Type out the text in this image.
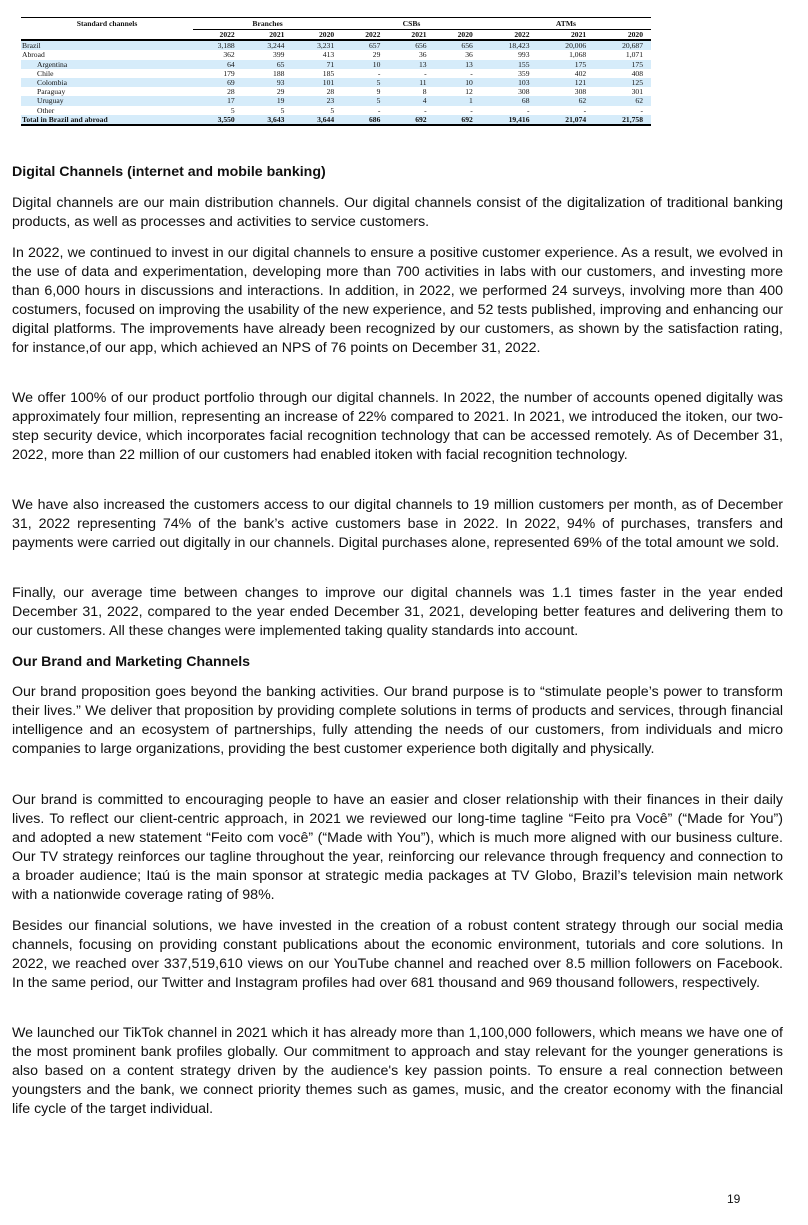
Standard channels	Branches			CSBs			ATMs		
	2022	2021	2020	2022	2021	2020	2022	2021	2020
Brazil	3,188	3,244	3,231	657	656	656	18,423	20,006	20,687
Abroad	362	399	413	29	36	36	993	1,068	1,071
Argentina	64	65	71	10	13	13	155	175	175
Chile	179	188	185	-	-	-	359	402	408
Colombia	69	93	101	5	11	10	103	121	125
Paraguay	28	29	28	9	8	12	308	308	301
Uruguay	17	19	23	5	4	1	68	62	62
Other	5	5	5	-	-	-	-	-	-
Total in Brazil and abroad	3,550	3,643	3,644	686	692	692	19,416	21,074	21,758
Digital Channels (internet and mobile banking)

Digital channels are our main distribution channels. Our digital channels consist of the digitalization of traditional banking products, as well as processes and activities to service customers.

In 2022, we continued to invest in our digital channels to ensure a positive customer experience. As a result, we evolved in the use of data and experimentation, developing more than 700 activities in labs with our customers, and investing more than 6,000 hours in discussions and interactions. In addition, in 2022, we performed 24 surveys, involving more than 400 costumers, focused on improving the usability of the new experience, and 52 tests published, improving and enhancing our digital platforms. The improvements have already been recognized by our customers, as shown by the satisfaction rating, for instance,of our app, which achieved an NPS of 76 points on December 31, 2022.

We offer 100% of our product portfolio through our digital channels. In 2022, the number of accounts opened digitally was approximately four million, representing an increase of 22% compared to 2021. In 2021, we introduced the itoken, our two-step security device, which incorporates facial recognition technology that can be accessed remotely. As of December 31, 2022, more than 22 million of our customers had enabled itoken with facial recognition technology.

We have also increased the customers access to our digital channels to 19 million customers per month, as of December 31, 2022 representing 74% of the bank’s active customers base in 2022. In 2022, 94% of purchases, transfers and payments were carried out digitally in our channels. Digital purchases alone, represented 69% of the total amount we sold.

Finally, our average time between changes to improve our digital channels was 1.1 times faster in the year ended December 31, 2022, compared to the year ended December 31, 2021, developing better features and delivering them to our customers. All these changes were implemented taking quality standards into account.

Our Brand and Marketing Channels

Our brand proposition goes beyond the banking activities. Our brand purpose is to “stimulate people’s power to transform their lives.” We deliver that proposition by providing complete solutions in terms of products and services, through financial intelligence and an ecosystem of partnerships, fully attending the needs of our customers, from individuals and micro companies to large organizations, providing the best customer experience both digitally and physically.

Our brand is committed to encouraging people to have an easier and closer relationship with their finances in their daily lives. To reflect our client-centric approach, in 2021 we reviewed our long-time tagline “Feito pra Você” (“Made for You”) and adopted a new statement “Feito com você” (“Made with You”), which is much more aligned with our business culture. Our TV strategy reinforces our tagline throughout the year, reinforcing our relevance through frequency and connection to a broader audience; Itaú is the main sponsor at strategic media packages at TV Globo, Brazil’s television main network with a nationwide coverage rating of 98%.

Besides our financial solutions, we have invested in the creation of a robust content strategy through our social media channels, focusing on providing constant publications about the economic environment, tutorials and core solutions. In 2022, we reached over 337,519,610 views on our YouTube channel and reached over 8.5 million followers on Facebook. In the same period, our Twitter and Instagram profiles had over 681 thousand and 969 thousand followers, respectively.

We launched our TikTok channel in 2021 which it has already more than 1,100,000 followers, which means we have one of the most prominent bank profiles globally. Our commitment to approach and stay relevant for the younger generations is also based on a content strategy driven by the audience's key passion points. To ensure a real connection between youngsters and the bank, we connect priority themes such as games, music, and the creator economy with the financial life cycle of the target individual.

19
